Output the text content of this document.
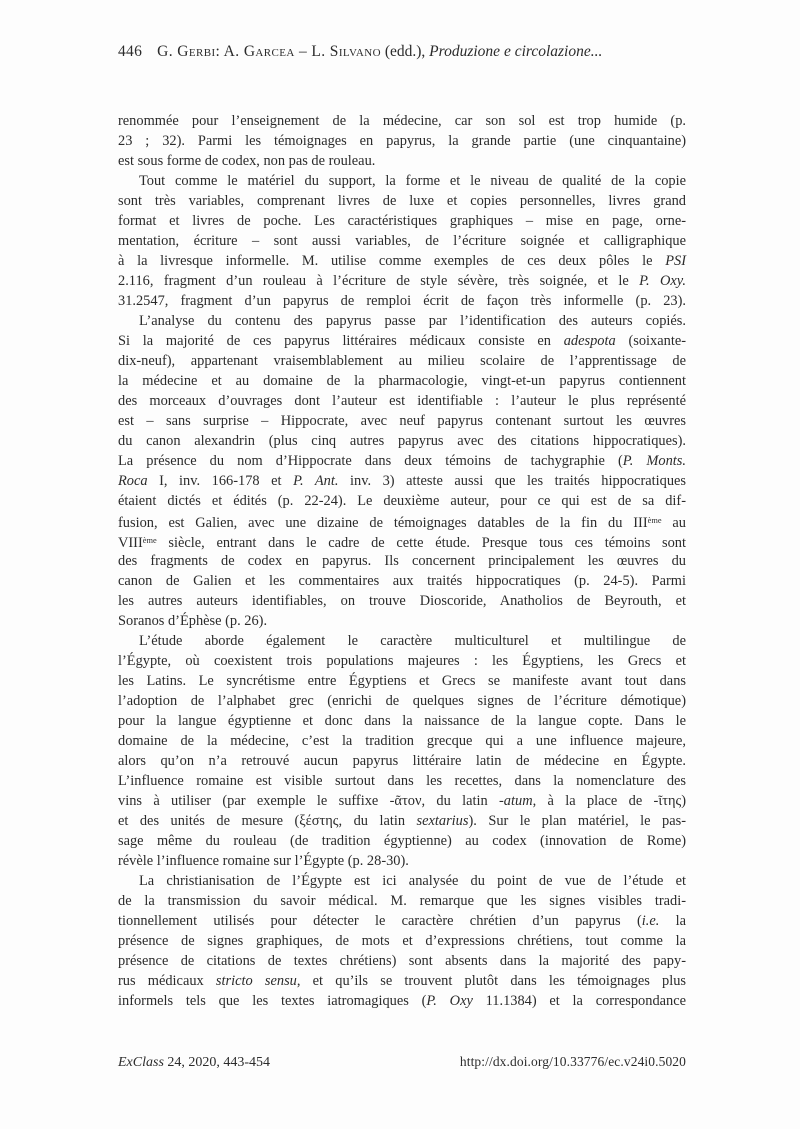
446 G. Gerbi: A. Garcea – L. Silvano (edd.), Produzione e circolazione...
renommée pour l’enseignement de la médecine, car son sol est trop humide (p.
23 ; 32). Parmi les témoignages en papyrus, la grande partie (une cinquantaine)
est sous forme de codex, non pas de rouleau.
Tout comme le matériel du support, la forme et le niveau de qualité de la copie
sont très variables, comprenant livres de luxe et copies personnelles, livres grand
format et livres de poche. Les caractéristiques graphiques – mise en page, orne-
mentation, écriture – sont aussi variables, de l’écriture soignée et calligraphique
à la livresque informelle. M. utilise comme exemples de ces deux pôles le PSI
2.116, fragment d’un rouleau à l’écriture de style sévère, très soignée, et le P. Oxy.
31.2547, fragment d’un papyrus de remploi écrit de façon très informelle (p. 23).
L’analyse du contenu des papyrus passe par l’identification des auteurs copiés.
Si la majorité de ces papyrus littéraires médicaux consiste en adespota (soixante-
dix-neuf), appartenant vraisemblablement au milieu scolaire de l’apprentissage de
la médecine et au domaine de la pharmacologie, vingt-et-un papyrus contiennent
des morceaux d’ouvrages dont l’auteur est identifiable : l’auteur le plus représenté
est – sans surprise – Hippocrate, avec neuf papyrus contenant surtout les œuvres
du canon alexandrin (plus cinq autres papyrus avec des citations hippocratiques).
La présence du nom d’Hippocrate dans deux témoins de tachygraphie (P. Monts.
Roca I, inv. 166-178 et P. Ant. inv. 3) atteste aussi que les traités hippocratiques
étaient dictés et édités (p. 22-24). Le deuxième auteur, pour ce qui est de sa dif-
fusion, est Galien, avec une dizaine de témoignages datables de la fin du IIIème au
VIIIème siècle, entrant dans le cadre de cette étude. Presque tous ces témoins sont
des fragments de codex en papyrus. Ils concernent principalement les œuvres du
canon de Galien et les commentaires aux traités hippocratiques (p. 24-5). Parmi
les autres auteurs identifiables, on trouve Dioscoride, Anatholios de Beyrouth, et
Soranos d’Éphèse (p. 26).
L’étude aborde également le caractère multiculturel et multilingue de
l’Égypte, où coexistent trois populations majeures : les Égyptiens, les Grecs et
les Latins. Le syncrétisme entre Égyptiens et Grecs se manifeste avant tout dans
l’adoption de l’alphabet grec (enrichi de quelques signes de l’écriture démotique)
pour la langue égyptienne et donc dans la naissance de la langue copte. Dans le
domaine de la médecine, c’est la tradition grecque qui a une influence majeure,
alors qu’on n’a retrouvé aucun papyrus littéraire latin de médecine en Égypte.
L’influence romaine est visible surtout dans les recettes, dans la nomenclature des
vins à utiliser (par exemple le suffixe -ᾶτον, du latin -atum, à la place de -ῖτης)
et des unités de mesure (ξέστης, du latin sextarius). Sur le plan matériel, le pas-
sage même du rouleau (de tradition égyptienne) au codex (innovation de Rome)
révèle l’influence romaine sur l’Égypte (p. 28-30).
La christianisation de l’Égypte est ici analysée du point de vue de l’étude et
de la transmission du savoir médical. M. remarque que les signes visibles tradi-
tionnellement utilisés pour détecter le caractère chrétien d’un papyrus (i.e. la
présence de signes graphiques, de mots et d’expressions chrétiens, tout comme la
présence de citations de textes chrétiens) sont absents dans la majorité des papy-
rus médicaux stricto sensu, et qu’ils se trouvent plutôt dans les témoignages plus
informels tels que les textes iatromagiques (P. Oxy 11.1384) et la correspondance
ExClass 24, 2020, 443-454	http://dx.doi.org/10.33776/ec.v24i0.5020
